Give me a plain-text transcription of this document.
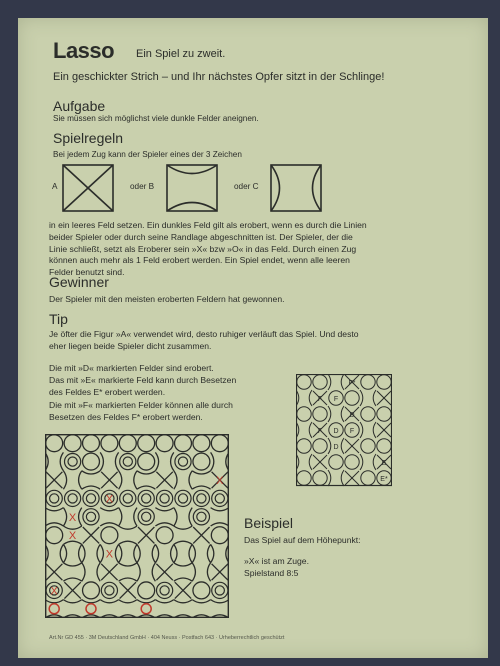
Lasso Ein Spiel zu zweit.
Ein geschickter Strich – und Ihr nächstes Opfer sitzt in der Schlinge!
Aufgabe
Sie müssen sich möglichst viele dunkle Felder aneignen.
Spielregeln
Bei jedem Zug kann der Spieler eines der 3 Zeichen
A	oder B	oder C
in ein leeres Feld setzen. Ein dunkles Feld gilt als erobert, wenn es durch die Linien
beider Spieler oder durch seine Randlage abgeschnitten ist. Der Spieler, der die
Linie schließt, setzt als Eroberer sein »X« bzw »O« in das Feld. Durch einen Zug
können auch mehr als 1 Feld erobert werden. Ein Spiel endet, wenn alle leeren
Felder benutzt sind.
Gewinner
Der Spieler mit den meisten eroberten Feldern hat gewonnen.
Tip
Je öfter die Figur »A« verwendet wird, desto ruhiger verläuft das Spiel. Und desto
eher liegen beide Spieler dicht zusammen.
Die mit »D« markierten Felder sind erobert.
Das mit »E« markierte Feld kann durch Besetzen
des Feldes E* erobert werden.
Die mit »F« markierten Felder können alle durch
Besetzen des Feldes F* erobert werden.
F*
F F
D
F D F
D
E
E*
X
X
X
X
X
X
Beispiel
Das Spiel auf dem Höhepunkt:
»X« ist am Zuge.
Spielstand 8:5
Art.Nr GD 455 · 3M Deutschland GmbH · 404 Neuss · Postfach 643 · Urheberrechtlich geschützt
